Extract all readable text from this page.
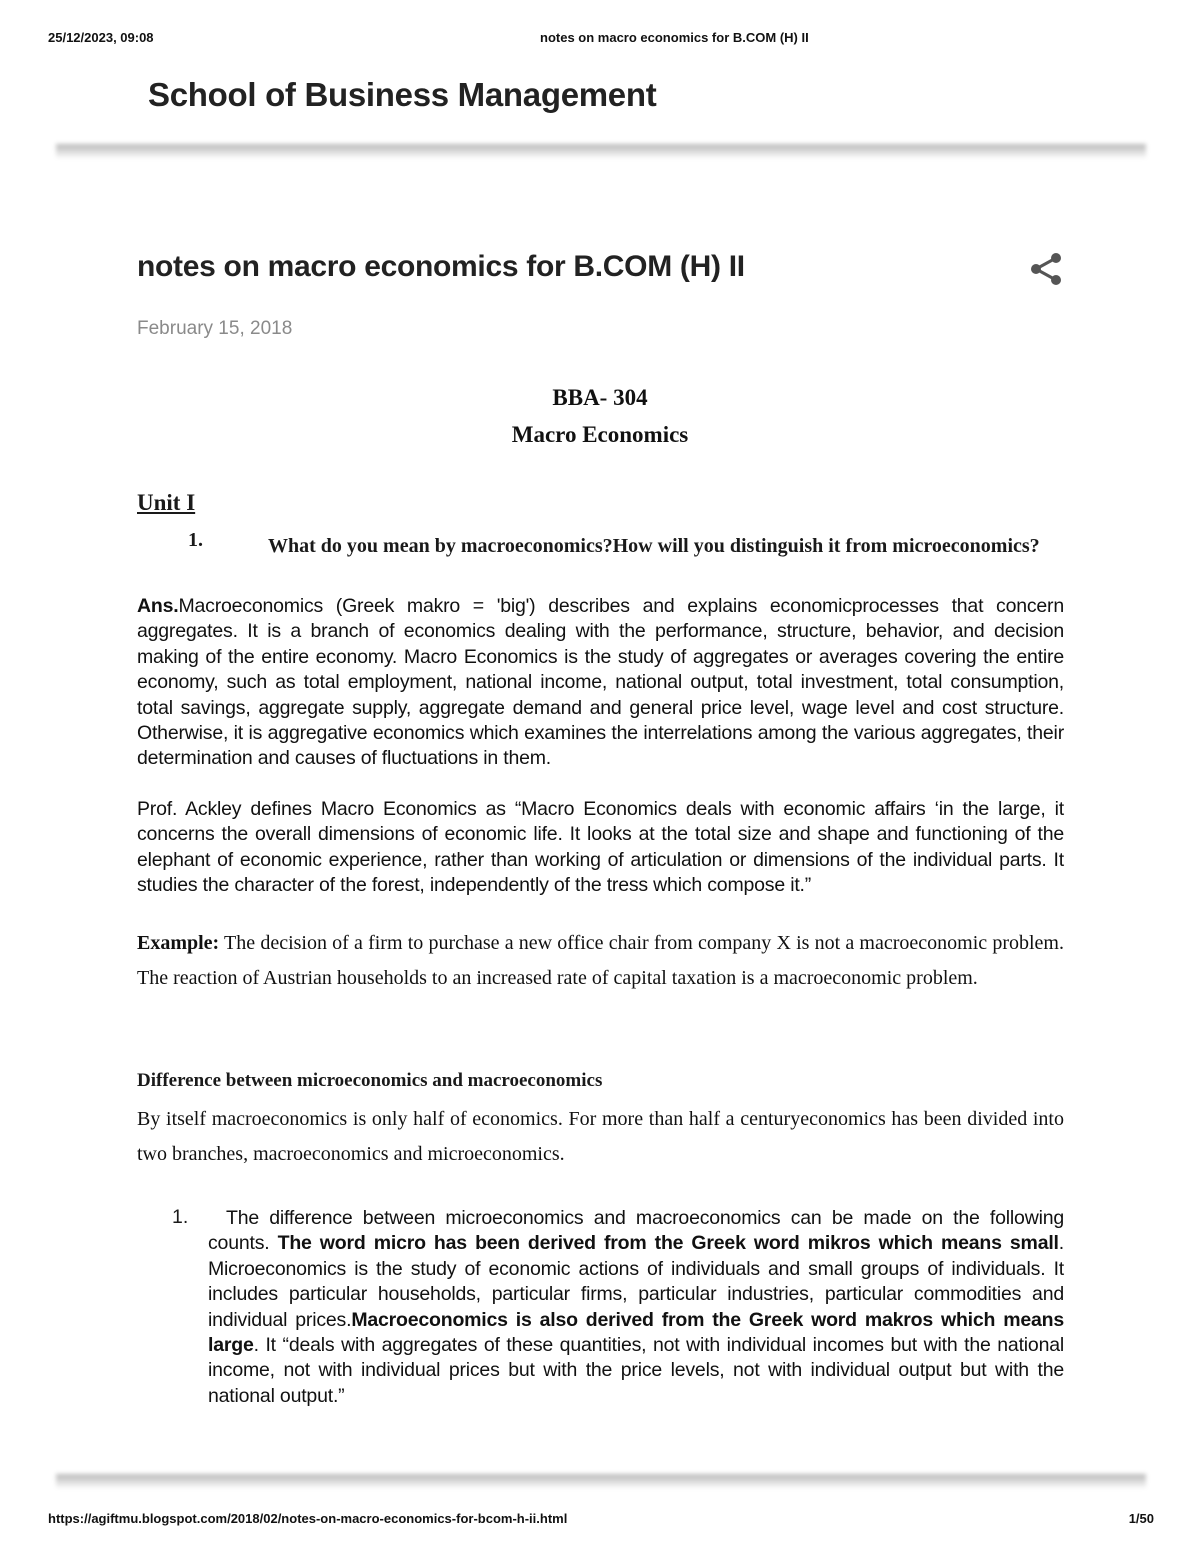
25/12/2023, 09:08	notes on macro economics for B.COM (H) II
School of Business Management
notes on macro economics for B.COM (H) II
February 15, 2018
BBA- 304
Macro Economics
Unit I
1.	What do you mean by macroeconomics?How will you distinguish it from microeconomics?
Ans.Macroeconomics (Greek makro = 'big') describes and explains economicprocesses that concern aggregates. It is a branch of economics dealing with the performance, structure, behavior, and decision making of the entire economy. Macro Economics is the study of aggregates or averages covering the entire economy, such as total employment, national income, national output, total investment, total consumption, total savings, aggregate supply, aggregate demand and general price level, wage level and cost structure. Otherwise, it is aggregative economics which examines the interrelations among the various aggregates, their determination and causes of fluctuations in them.
Prof. Ackley defines Macro Economics as “Macro Economics deals with economic affairs ‘in the large, it concerns the overall dimensions of economic life. It looks at the total size and shape and functioning of the elephant of economic experience, rather than working of articulation or dimensions of the individual parts. It studies the character of the forest, independently of the tress which compose it.”
Example: The decision of a firm to purchase a new office chair from company X is not a macroeconomic problem. The reaction of Austrian households to an increased rate of capital taxation is a macroeconomic problem.
Difference between microeconomics and macroeconomics
By itself macroeconomics is only half of economics. For more than half a centuryeconomics has been divided into two branches, macroeconomics and microeconomics.
1.	The difference between microeconomics and macroeconomics can be made on the following counts. The word micro has been derived from the Greek word mikros which means small. Microeconomics is the study of economic actions of individuals and small groups of individuals. It includes particular households, particular firms, particular industries, particular commodities and individual prices.Macroeconomics is also derived from the Greek word makros which means large. It “deals with aggregates of these quantities, not with individual incomes but with the national income, not with individual prices but with the price levels, not with individual output but with the national output.”
https://agiftmu.blogspot.com/2018/02/notes-on-macro-economics-for-bcom-h-ii.html	1/50
